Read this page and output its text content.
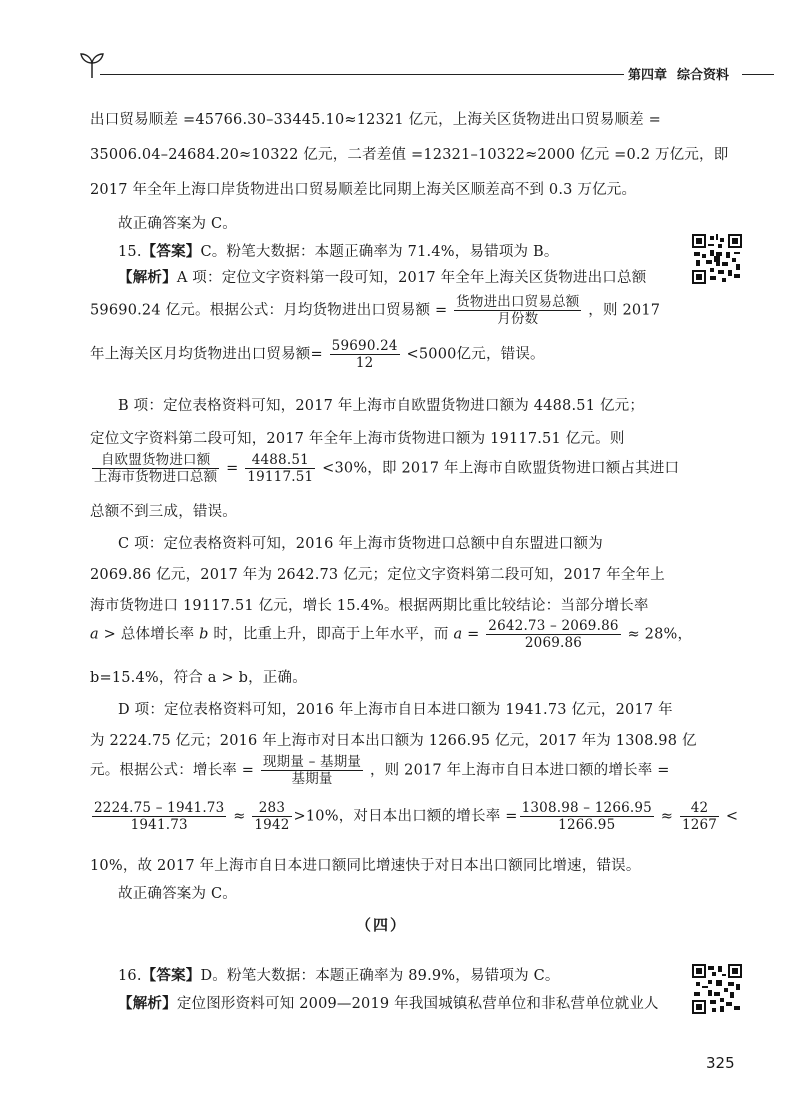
第四章 综合资料
出口贸易顺差 =45766.30–33445.10≈12321 亿元，上海关区货物进出口贸易顺差 =
35006.04–24684.20≈10322 亿元，二者差值 =12321–10322≈2000 亿元 =0.2 万亿元，即
2017 年全年上海口岸货物进出口贸易顺差比同期上海关区顺差高不到 0.3 万亿元。
故正确答案为 C。
15.【答案】C。粉笔大数据：本题正确率为 71.4%，易错项为 B。
【解析】A 项：定位文字资料第一段可知，2017 年全年上海关区货物进出口总额
59690.24 亿元。根据公式：月均货物进出口贸易额 = $\frac{\text{货物进出口贸易总额}}{\text{月份数}}$ ，则 2017
年上海关区月均货物进出口贸易额= $\frac{59690.24}{12} <5000$亿元，错误。
B 项：定位表格资料可知，2017 年上海市自欧盟货物进口额为 4488.51 亿元；
定位文字资料第二段可知，2017 年全年上海市货物进口额为 19117.51 亿元。则
$\frac{\text{自欧盟货物进口额}}{\text{上海市货物进口总额}} = \frac{4488.51}{19117.51} <30\%$，即 2017 年上海市自欧盟货物进口额占其进口
总额不到三成，错误。
C 项：定位表格资料可知，2016 年上海市货物进口总额中自东盟进口额为
2069.86 亿元，2017 年为 2642.73 亿元；定位文字资料第二段可知，2017 年全年上
海市货物进口 19117.51 亿元，增长 15.4%。根据两期比重比较结论：当部分增长率
a > 总体增长率 b 时，比重上升，即高于上年水平，而 $a = \frac{2642.73 - 2069.86}{2069.86} \approx 28\%$，
b=15.4%，符合 a > b，正确。
D 项：定位表格资料可知，2016 年上海市自日本进口额为 1941.73 亿元，2017 年
为 2224.75 亿元；2016 年上海市对日本出口额为 1266.95 亿元，2017 年为 1308.98 亿
元。根据公式：增长率 = $\frac{\text{现期量 – 基期量}}{\text{基期量}}$ ，则 2017 年上海市自日本进口额的增长率 =
$\frac{2224.75 - 1941.73}{1941.73} \approx \frac{283}{1942} >10\%$，对日本出口额的增长率 = $\frac{1308.98 - 1266.95}{1266.95} \approx \frac{42}{1267}$ <
10%，故 2017 年上海市自日本进口额同比增速快于对日本出口额同比增速，错误。
故正确答案为 C。
（四）
16.【答案】D。粉笔大数据：本题正确率为 89.9%，易错项为 C。
【解析】定位图形资料可知 2009—2019 年我国城镇私营单位和非私营单位就业人
325
